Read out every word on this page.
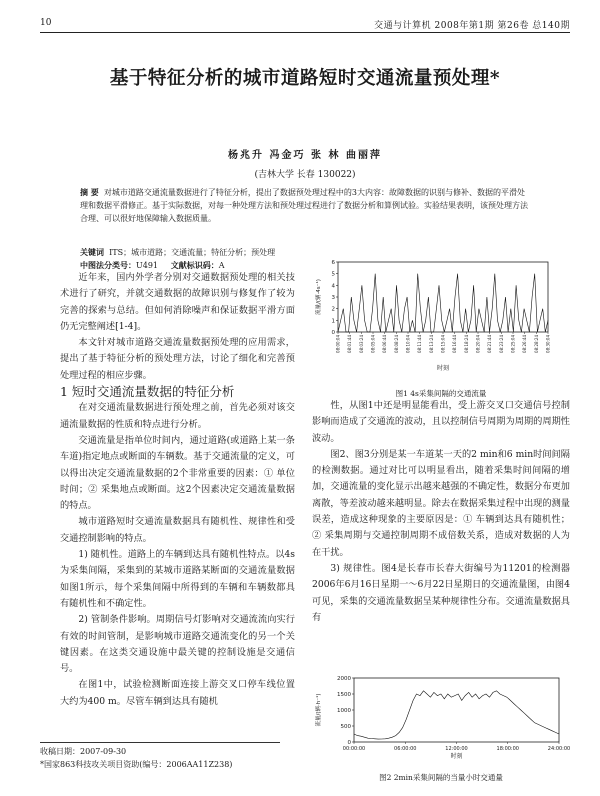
10	交通与计算机 2008年第1期 第26卷 总140期
基于特征分析的城市道路短时交通流量预处理*
杨兆升 冯金巧 张 林 曲丽萍
(吉林大学 长春 130022)
摘 要 对城市道路交通流量数据进行了特征分析，提出了数据预处理过程中的3大内容：故障数据的识别与修补、数据的平滑处理和数据平滑修正。基于实际数据，对每一种处理方法和预处理过程进行了数据分析和算例试验。实验结果表明，该预处理方法合理、可以很好地保障输入数据质量。
关键词 ITS；城市道路；交通流量；特征分析；预处理
中图法分类号：U491 文献标识码：A

近年来，国内外学者分别对交通数据预处理的相关技术进行了研究，并就交通数据的故障识别与修复作了较为完善的探索与总结。但如何消除噪声和保证数据平滑方面仍无完整阐述[1-4]。

本文针对城市道路交通流量数据预处理的应用需求，提出了基于特征分析的预处理方法，讨论了细化和完善预处理过程的相应步骤。

1 短时交通流量数据的特征分析

在对交通流量数据进行预处理之前，首先必须对该交通流量数据的性质和特点进行分析。

交通流量是指单位时间内，通过道路(或道路上某一条车道)指定地点或断面的车辆数。基于交通流量的定义，可以得出决定交通流量数据的2个非常重要的因素：① 单位时间；② 采集地点或断面。这2个因素决定交通流量数据的特点。

城市道路短时交通流量数据具有随机性、规律性和受交通控制影响的特点。

1) 随机性。道路上的车辆到达具有随机性特点。以4s为采集间隔，采集到的某城市道路某断面的交通流量数据如图1所示，每个采集间隔中所得到的车辆和车辆数都具有随机性和不确定性。

2) 管制条件影响。周期信号灯影响对交通流流向实行有效的时间管制，是影响城市道路交通流变化的另一个关键因素。在这类交通设施中最关键的控制设施是交通信号。

在图1中，试验检测断面连接上游交叉口停车线位置大约为400 m。尽管车辆到达具有随机

0
1
2
3
4
5
6
08:00:04 08:01:44 08:03:24 08:05:04 08:06:44 08:08:24 08:10:04 08:11:44 08:13:24 08:15:04 08:16:44 08:18:24 08:20:04 08:21:44 08:23:24 08:25:04 08:26:44 08:28:24 08:30:04
流量/(辆·4s⁻¹)
时刻
图1 4s采集间隔的交通流量

性，从图1中还是明显能看出，受上游交叉口交通信号控制影响而造成了交通流的波动，且以控制信号周期为周期的周期性波动。

图2、图3分别是某一车道某一天的2 min和6 min时间间隔的检测数据。通过对比可以明显看出，随着采集时间间隔的增加，交通流量的变化显示出越来越强的不确定性，数据分布更加离散，等差波动越来越明显。除去在数据采集过程中出现的测量误差，造成这种现象的主要原因是：① 车辆到达具有随机性；② 采集周期与交通控制周期不成倍数关系，造成对数据的人为在干扰。

3) 规律性。图4是长春市长春大街编号为11201的检测器2006年6月16日星期一～6月22日星期日的交通流量图，由图4可见，采集的交通流量数据呈某种规律性分布。交通流量数据具有

0
500
1000
1500
2000
00:00:00	06:00:00	12:00:00	18:00:00	24:00:00
流量/(辆·h⁻¹)
时刻
图2 2min采集间隔的当量小时交通量
收稿日期：2007-09-30
*国家863科技攻关项目资助(编号：2006AA11Z238)
